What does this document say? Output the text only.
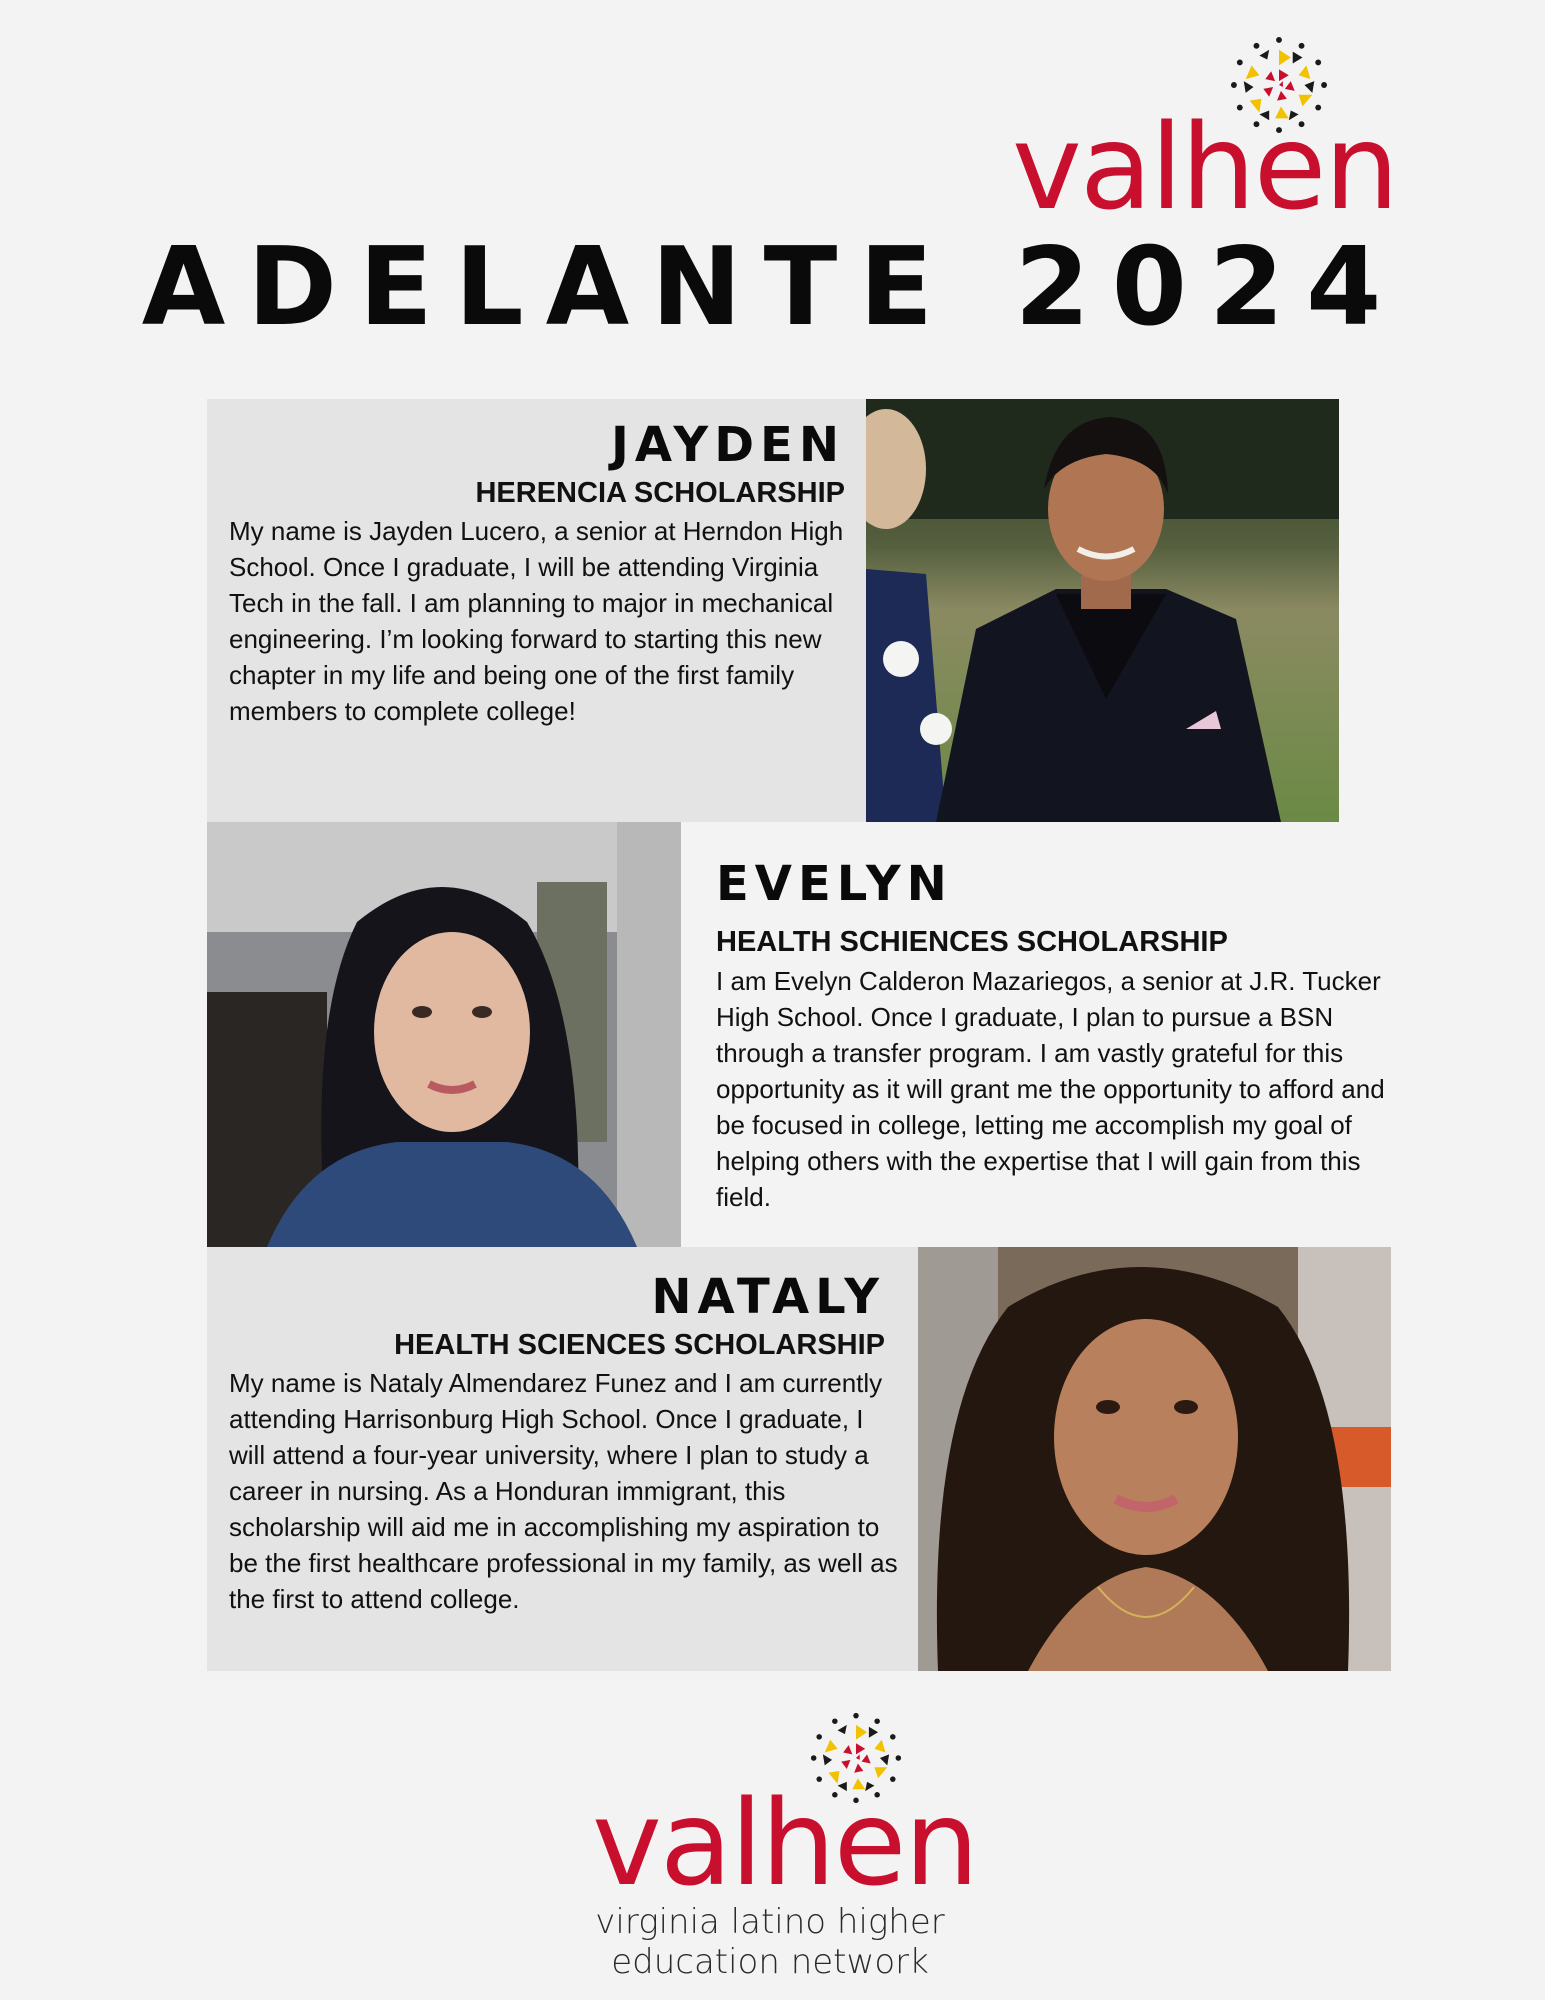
valhen
ADELANTE 2024
JAYDEN
HERENCIA SCHOLARSHIP
My name is Jayden Lucero, a senior at Herndon High School. Once I graduate, I will be attending Virginia Tech in the fall. I am planning to major in mechanical engineering. I’m looking forward to starting this new chapter in my life and being one of the first family members to complete college!
EVELYN
HEALTH SCHIENCES SCHOLARSHIP
I am Evelyn Calderon Mazariegos, a senior at J.R. Tucker High School. Once I graduate, I plan to pursue a BSN through a transfer program. I am vastly grateful for this opportunity as it will grant me the opportunity to afford and be focused in college, letting me accomplish my goal of helping others with the expertise that I will gain from this field.
NATALY
HEALTH SCIENCES SCHOLARSHIP
My name is Nataly Almendarez Funez and I am currently attending Harrisonburg High School. Once I graduate, I will attend a four-year university, where I plan to study a career in nursing. As a Honduran immigrant, this scholarship will aid me in accomplishing my aspiration to be the first healthcare professional in my family, as well as the first to attend college.
valhen
virginia latino higher
education network
